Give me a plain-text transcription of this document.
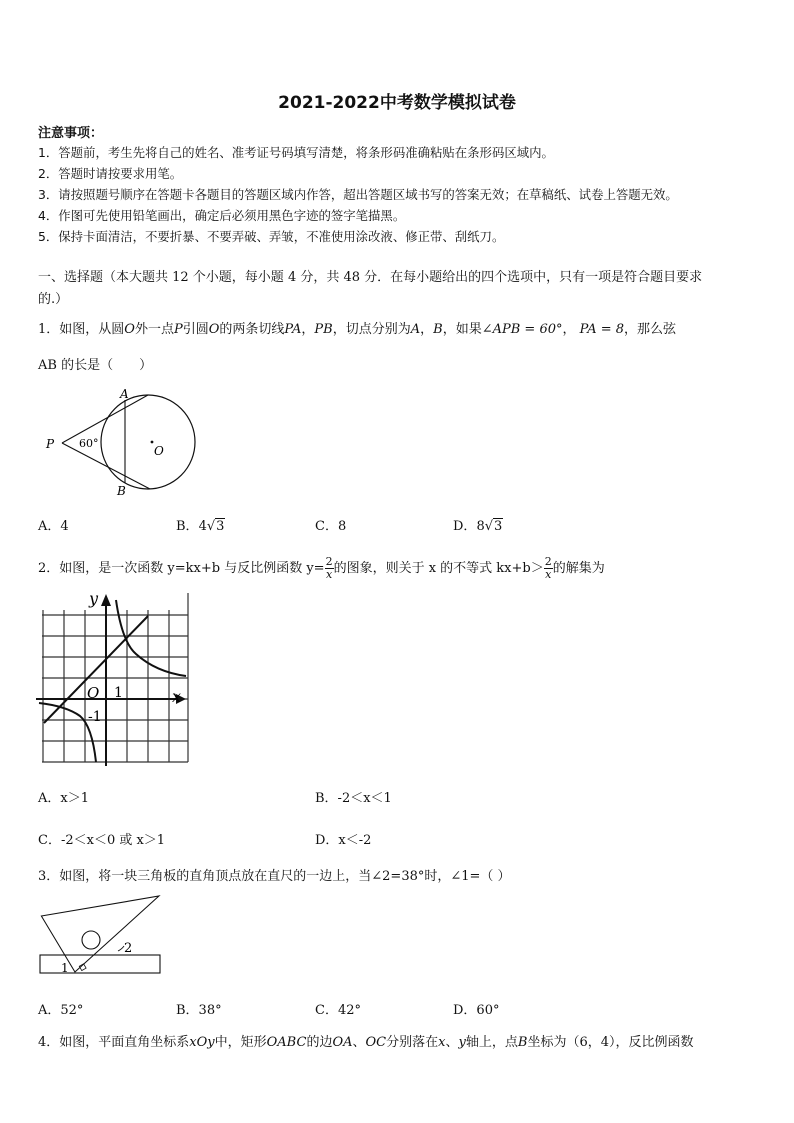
2021-2022中考数学模拟试卷
注意事项：
1．答题前，考生先将自己的姓名、准考证号码填写清楚，将条形码准确粘贴在条形码区域内。
2．答题时请按要求用笔。
3．请按照题号顺序在答题卡各题目的答题区域内作答，超出答题区域书写的答案无效；在草稿纸、试卷上答题无效。
4．作图可先使用铅笔画出，确定后必须用黑色字迹的签字笔描黑。
5．保持卡面清洁，不要折暴、不要弄破、弄皱，不准使用涂改液、修正带、刮纸刀。
一、选择题（本大题共 12 个小题，每小题 4 分，共 48 分．在每小题给出的四个选项中，只有一项是符合题目要求
的.）
1．如图，从圆O外一点P引圆O的两条切线PA，PB，切点分别为A，B，如果∠APB = 60°， PA = 8，那么弦
AB 的长是（　　）
A
B
P	O
60°
A．4	B．4√3	C．8	D．8√3
2．如图，是一次函数 y=kx+b 与反比例函数 $y= \frac{2}{x}$ 的图象，则关于 x 的不等式 $kx+b> \frac{2}{x}$ 的解集为
y
x
O 1
-1
A．x＞1	B．-2＜x＜1
C．-2＜x＜0 或 x＞1	D．x＜-2
3．如图，将一块三角板的直角顶点放在直尺的一边上，当∠2=38°时，∠1=（ ）
2
1
A．52°	B．38°	C．42°	D．60°
4．如图，平面直角坐标系xOy中，矩形OABC的边OA、OC分别落在x、y轴上，点B坐标为（6，4），反比例函数
